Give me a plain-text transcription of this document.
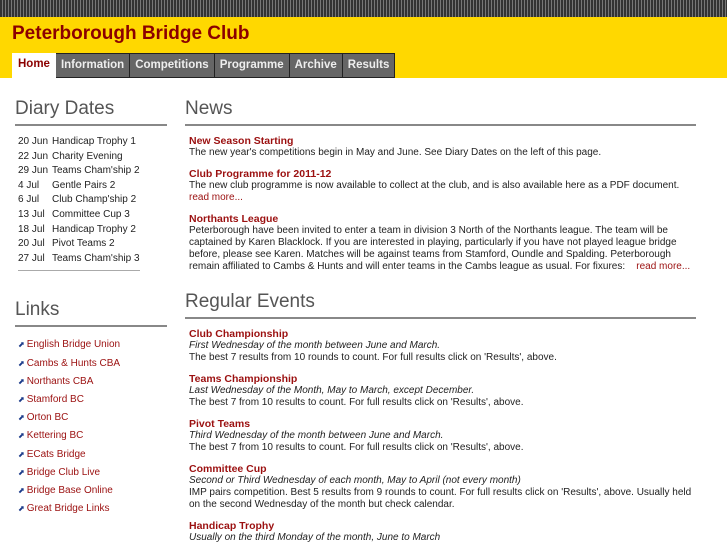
Peterborough Bridge Club
Home Information Competitions Programme Archive Results
Diary Dates
20 Jun Handicap Trophy 1
22 Jun Charity Evening
29 Jun Teams Cham'ship 2
4 Jul	Gentle Pairs 2
6 Jul	Club Champ'ship 2
13 Jul Committee Cup 3
18 Jul Handicap Trophy 2
20 Jul Pivot Teams 2
27 Jul Teams Cham'ship 3
Links
⬈ English Bridge Union
⬈ Cambs & Hunts CBA
⬈ Northants CBA
⬈ Stamford BC
⬈ Orton BC
⬈ Kettering BC
⬈ ECats Bridge
⬈ Bridge Club Live
⬈ Bridge Base Online
⬈ Great Bridge Links
News
New Season Starting
The new year's competitions begin in May and June. See Diary Dates on the left of this page.
Club Programme for 2011-12
The new club programme is now available to collect at the club, and is also available here as a PDF document.
read more...
Northants League
Peterborough have been invited to enter a team in division 3 North of the Northants league. The team will be captained by Karen Blacklock. If you are interested in playing, particularly if you have not played league bridge before, please see Karen. Matches will be against teams from Stamford, Oundle and Spalding. Peterborough remain affiliated to Cambs & Hunts and will enter teams in the Cambs league as usual. For fixures: read more...
Regular Events
Club Championship
First Wednesday of the month between June and March.
The best 7 results from 10 rounds to count. For full results click on 'Results', above.
Teams Championship
Last Wednesday of the Month, May to March, except December.
The best 7 from 10 results to count. For full results click on 'Results', above.
Pivot Teams
Third Wednesday of the month between June and March.
The best 7 from 10 results to count. For full results click on 'Results', above.
Committee Cup
Second or Third Wednesday of each month, May to April (not every month)
IMP pairs competition. Best 5 results from 9 rounds to count. For full results click on 'Results', above. Usually held on the second Wednesday of the month but check calendar.
Handicap Trophy
Usually on the third Monday of the month, June to March
